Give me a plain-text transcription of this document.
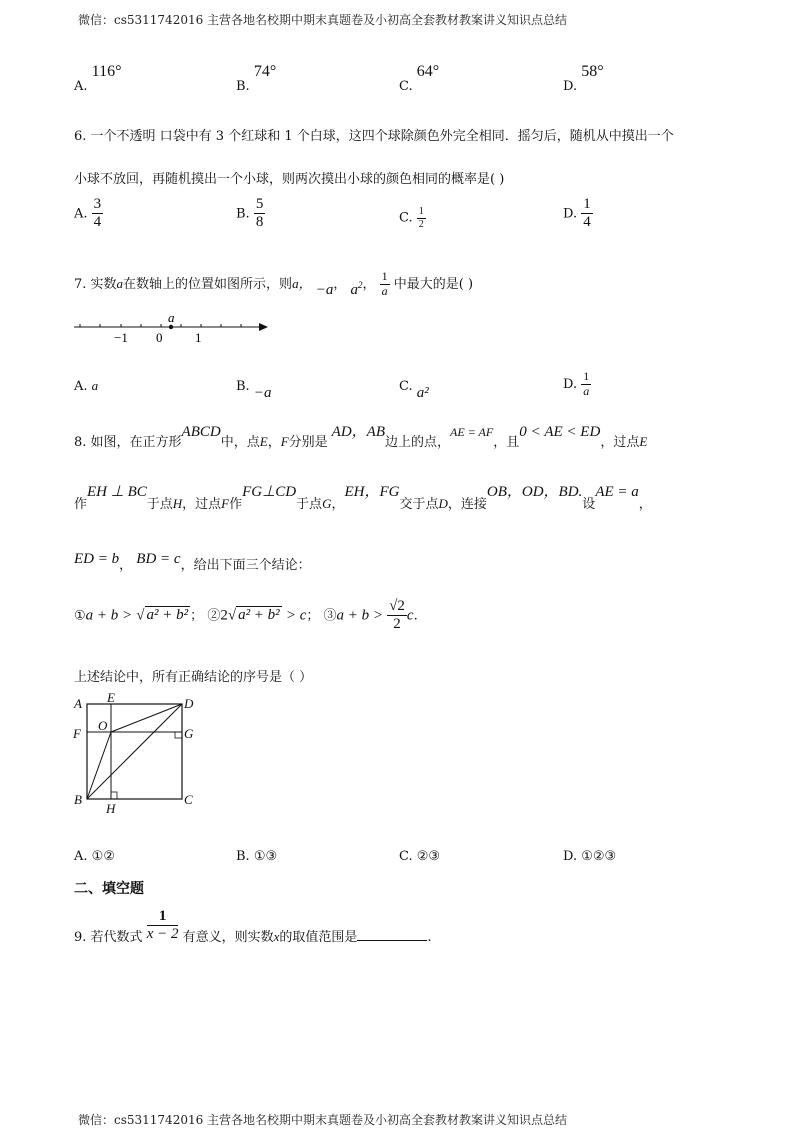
微信：cs5311742016 主营各地名校期中期末真题卷及小初高全套教材教案讲义知识点总结
A. 116°
B. 74°
C. 64°
D. 58°
6. 一个不透明 口袋中有 3 个红球和 1 个白球，这四个球除颜色外完全相同．摇匀后，随机从中摸出一个
小球不放回，再随机摸出一个小球，则两次摸出小球的颜色相同的概率是( )
A. $\frac{3}{4}$	B. $\frac{5}{8}$	C. $\frac{1}{2}$	D. $\frac{1}{4}$
7. 实数a在数轴上的位置如图所示，则a， −a， $a^2$， $\frac{1}{a}$ 中最大的是( )
a
−1 0	1
A. a	B. −a	C. a²
D. $\frac{1}{a}$
8. 如图，在正方形ABCD中，点E，F分别是AD，AB边上的点，AE = AF，且0 < AE < ED，过点E
作EH ⊥ BC于点H，过点F作FG⊥CD于点G，EH，FG交于点D，连接OB，OD，BD.设AE = a，
ED = b， BD = c，给出下面三个结论：
①a + b > √ a² + b² ； ②2√ a² + b² > c； ③a + $b > \frac{√2}{2} c$.
上述结论中，所有正确结论的序号是（ ）
A E	D
O
F	G
B
H
C
A. ①②	B. ①③	C. ②③	D. ①②③
二、填空题
9. 若代数式 $\frac{1}{x - 2}$ 有意义，则实数x的取值范围是	.
微信：cs5311742016 主营各地名校期中期末真题卷及小初高全套教材教案讲义知识点总结
